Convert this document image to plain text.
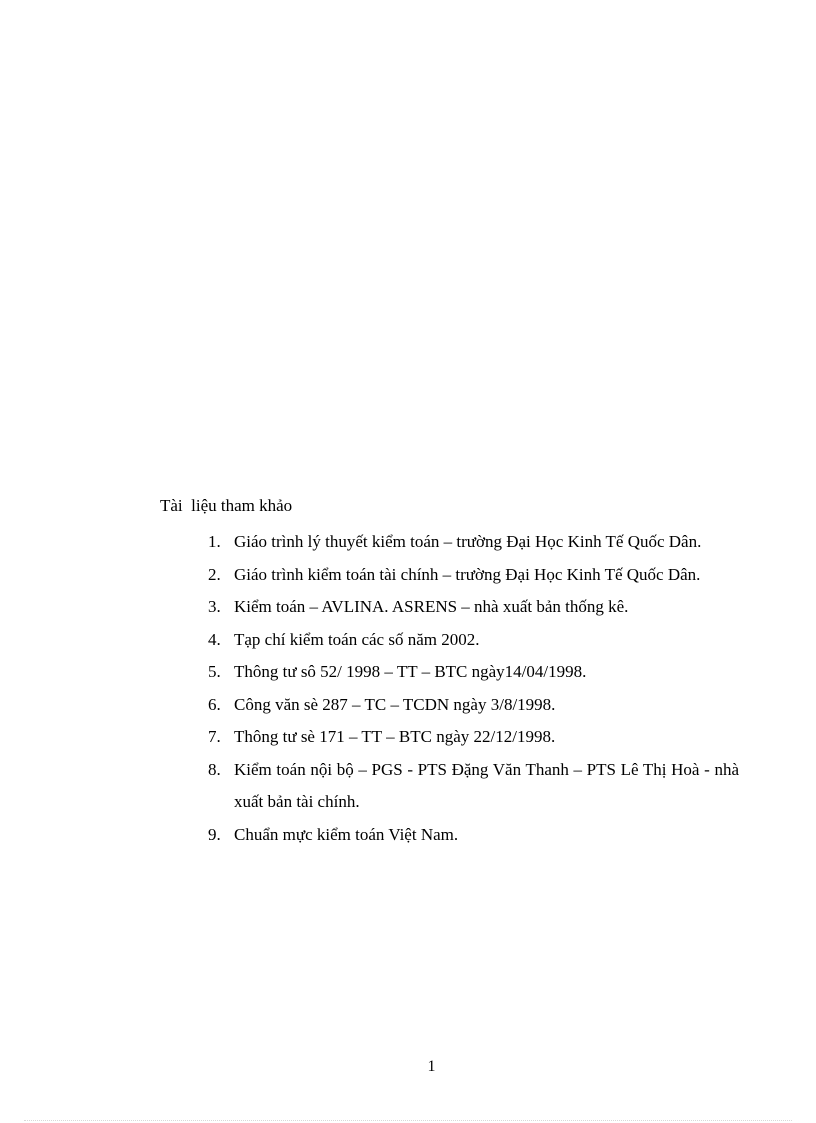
Tài  liệu tham khảo
1. Giáo trình lý thuyết kiểm toán – trường Đại Học Kinh Tế Quốc Dân.
2. Giáo trình kiểm toán tài chính – trường Đại Học Kinh Tế Quốc Dân.
3. Kiểm toán – AVLINA. ASRENS – nhà xuất bản thống kê.
4. Tạp chí kiểm toán các số năm 2002.
5. Thông tư sô 52/ 1998 – TT – BTC ngày14/04/1998.
6. Công văn sè 287 – TC – TCDN ngày 3/8/1998.
7. Thông tư sè 171 – TT – BTC ngày 22/12/1998.
8. Kiểm toán nội bộ – PGS - PTS Đặng Văn Thanh – PTS Lê Thị Hoà - nhà xuất bản tài chính.
9. Chuẩn mực kiểm toán Việt Nam.
1
